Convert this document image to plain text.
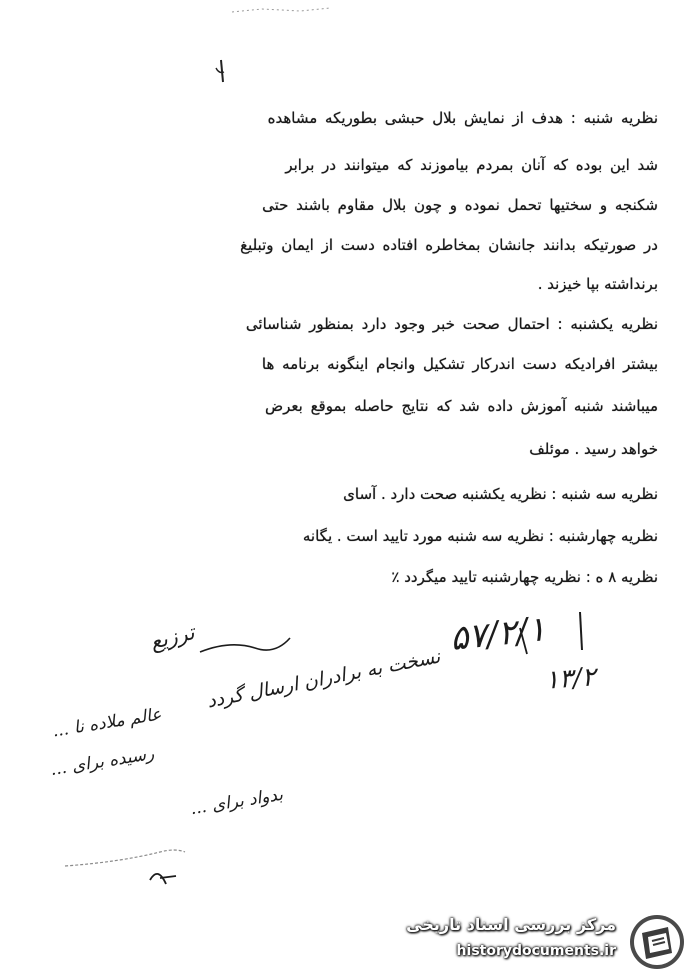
نظریه شنبه : هدف از نمایش بلال حبشی بطوریکه مشاهده
شد این بوده که آنان بمردم بیاموزند که میتوانند در برابر
شکنجه و سختیها تحمل نموده و چون بلال مقاوم باشند حتی
در صورتیکه بدانند جانشان بمخاطره افتاده دست از ایمان وتبلیغ
برنداشته بپا خیزند .
نظریه یکشنبه : احتمال صحت خبر وجود دارد بمنظور شناسائی
بیشتر افرادیکه دست اندرکار تشکیل وانجام اینگونه برنامه ها
میباشند شنبه آموزش داده شد که نتایج حاصله بموقع بعرض
خواهد رسید . موئلف
نظریه سه شنبه : نظریه یکشنبه صحت دارد . آسای
نظریه چهارشنبه : نظریه سه شنبه مورد تایید است . یگانه
نظریه ۸ ه : نظریه چهارشنبه تایید میگردد ٪
۵۷/۲/۱
۱۳/۲
ترزیع
نسخت به برادران ارسال گردد
عالم ملاده نا ...
رسیده برای ...
بدواد برای ...
مرکز بررسی اسناد تاریخی
historydocuments.ir
